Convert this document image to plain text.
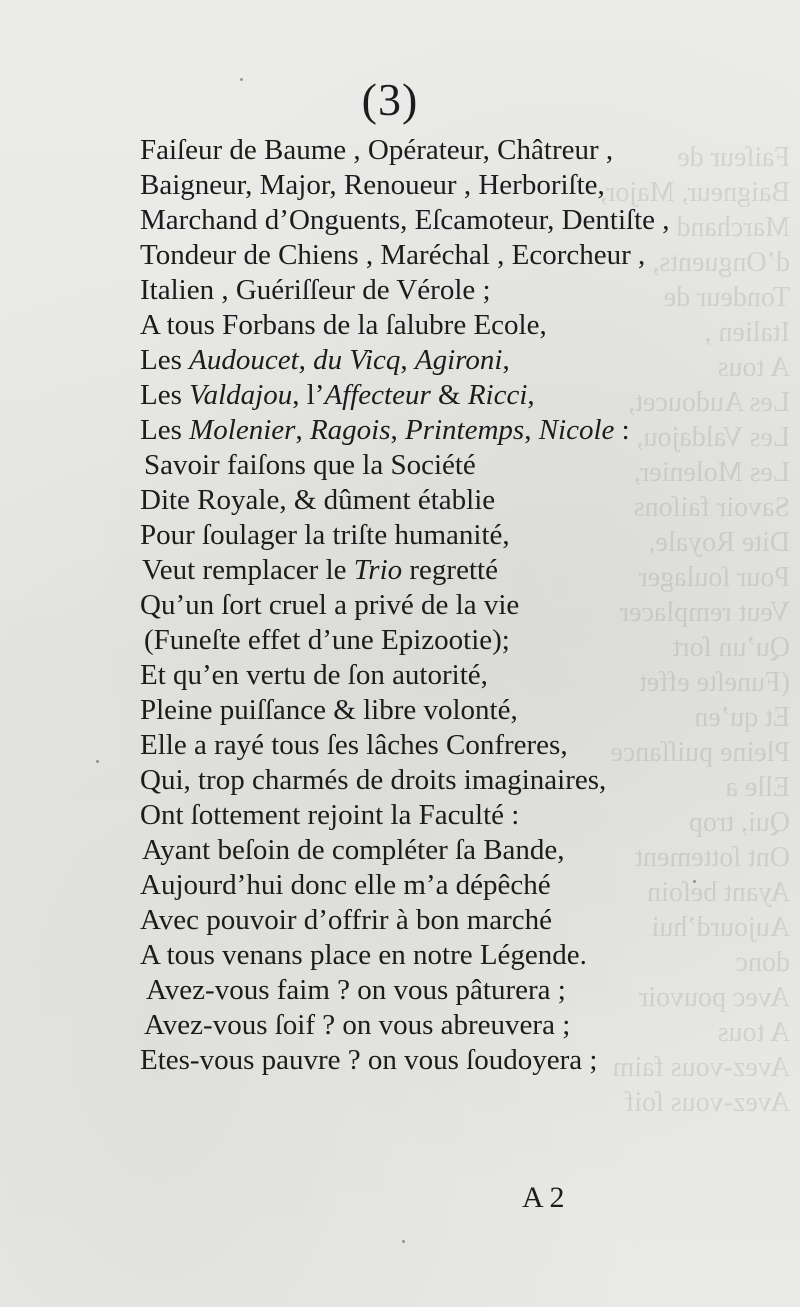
Faiſeur de
Baigneur, Major,
Marchand d’Onguents,
Tondeur de
Italien ,
A tous
Les Audoucet,
Les Valdajou,
Les Molenier,
Savoir faiſons
Dite Royale,
Pour ſoulager
Veut remplacer
Qu’un ſort
(Funeſte effet
Et qu’en
Pleine puiſſance
Elle a
Qui, trop
Ont ſottement
Ayant beſoin
Aujourd’hui donc
Avec pouvoir
A tous
Avez-vous faim
Avez-vous ſoif
(3)
Faiſeur de Baume , Opérateur, Châtreur ,
Baigneur, Major, Renoueur , Herboriſte,
Marchand d’Onguents, Eſcamoteur, Dentiſte ,
Tondeur de Chiens , Maréchal , Ecorcheur ,
Italien , Guériſſeur de Vérole ;
A tous Forbans de la ſalubre Ecole,
Les Audoucet, du Vicq, Agironi,
Les Valdajou, l’Affecteur & Ricci,
Les Molenier, Ragois, Printemps, Nicole :
Savoir faiſons que la Société
Dite Royale, & dûment établie
Pour ſoulager la triſte humanité,
Veut remplacer le Trio regretté
Qu’un ſort cruel a privé de la vie
(Funeſte effet d’une Epizootie);
Et qu’en vertu de ſon autorité,
Pleine puiſſance & libre volonté,
Elle a rayé tous ſes lâches Confreres,
Qui, trop charmés de droits imaginaires,
Ont ſottement rejoint la Faculté :
Ayant beſoin de compléter ſa Bande,
Aujourd’hui donc elle m’a dépêché
Avec pouvoir d’offrir à bon marché
A tous venans place en notre Légende.
Avez-vous faim ? on vous pâturera ;
Avez-vous ſoif ? on vous abreuvera ;
Etes-vous pauvre ? on vous ſoudoyera ;
A 2
